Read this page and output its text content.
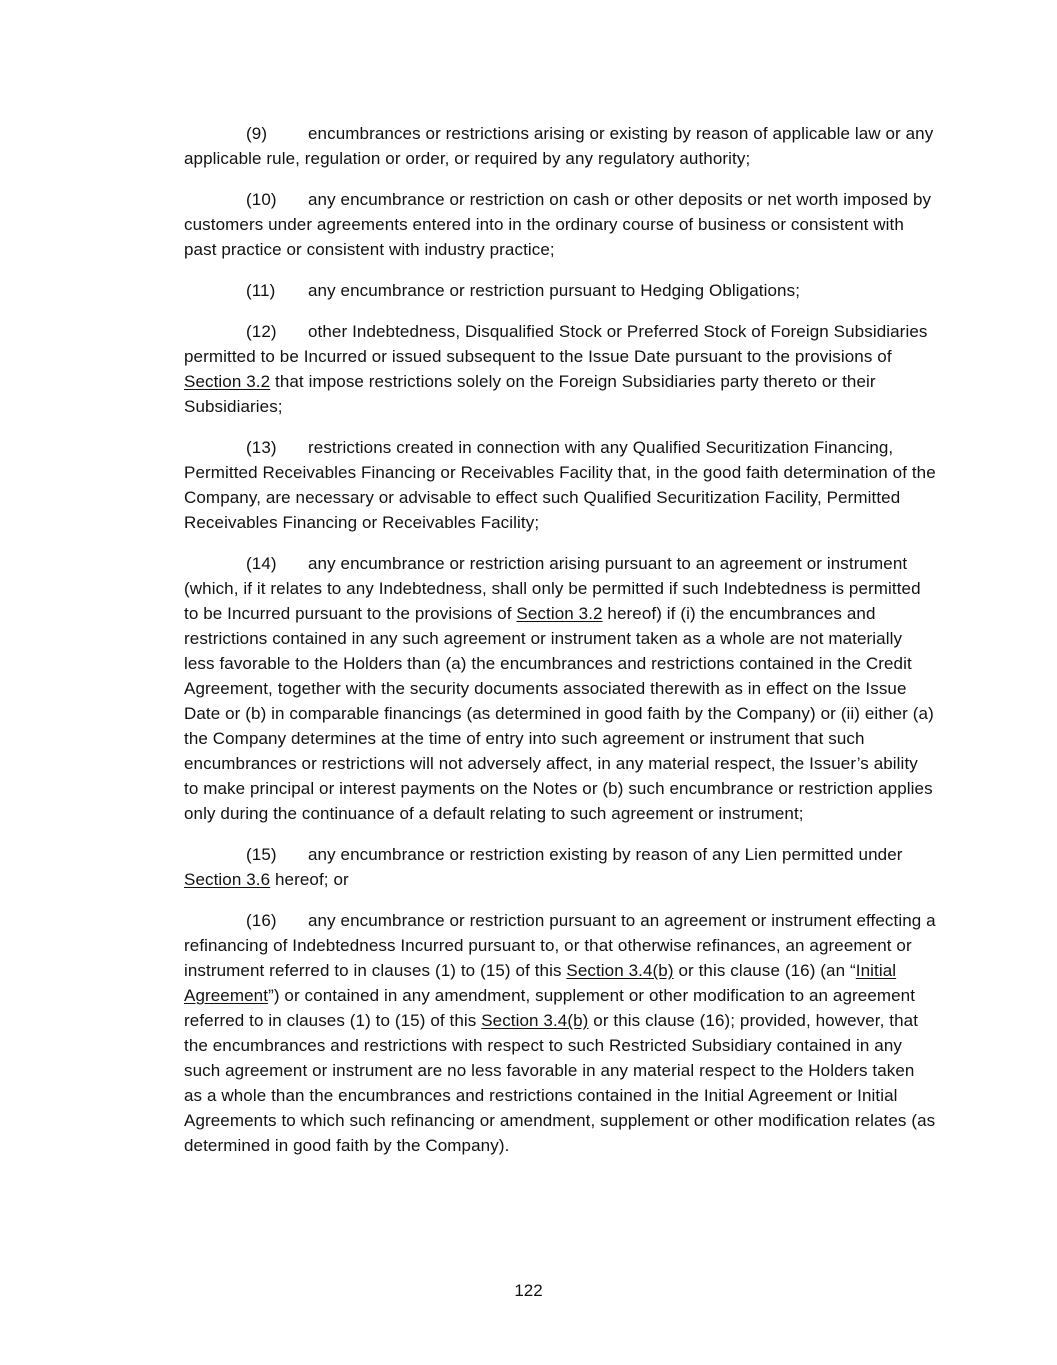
(9) encumbrances or restrictions arising or existing by reason of applicable law or any applicable rule, regulation or order, or required by any regulatory authority;

(10) any encumbrance or restriction on cash or other deposits or net worth imposed by customers under agreements entered into in the ordinary course of business or consistent with past practice or consistent with industry practice;

(11) any encumbrance or restriction pursuant to Hedging Obligations;

(12) other Indebtedness, Disqualified Stock or Preferred Stock of Foreign Subsidiaries permitted to be Incurred or issued subsequent to the Issue Date pursuant to the provisions of Section 3.2 that impose restrictions solely on the Foreign Subsidiaries party thereto or their Subsidiaries;

(13) restrictions created in connection with any Qualified Securitization Financing, Permitted Receivables Financing or Receivables Facility that, in the good faith determination of the Company, are necessary or advisable to effect such Qualified Securitization Facility, Permitted Receivables Financing or Receivables Facility;

(14) any encumbrance or restriction arising pursuant to an agreement or instrument (which, if it relates to any Indebtedness, shall only be permitted if such Indebtedness is permitted to be Incurred pursuant to the provisions of Section 3.2 hereof) if (i) the encumbrances and restrictions contained in any such agreement or instrument taken as a whole are not materially less favorable to the Holders than (a) the encumbrances and restrictions contained in the Credit Agreement, together with the security documents associated therewith as in effect on the Issue Date or (b) in comparable financings (as determined in good faith by the Company) or (ii) either (a) the Company determines at the time of entry into such agreement or instrument that such encumbrances or restrictions will not adversely affect, in any material respect, the Issuer’s ability to make principal or interest payments on the Notes or (b) such encumbrance or restriction applies only during the continuance of a default relating to such agreement or instrument;

(15) any encumbrance or restriction existing by reason of any Lien permitted under Section 3.6 hereof; or

(16) any encumbrance or restriction pursuant to an agreement or instrument effecting a refinancing of Indebtedness Incurred pursuant to, or that otherwise refinances, an agreement or instrument referred to in clauses (1) to (15) of this Section 3.4(b) or this clause (16) (an “Initial Agreement”) or contained in any amendment, supplement or other modification to an agreement referred to in clauses (1) to (15) of this Section 3.4(b) or this clause (16); provided, however, that the encumbrances and restrictions with respect to such Restricted Subsidiary contained in any such agreement or instrument are no less favorable in any material respect to the Holders taken as a whole than the encumbrances and restrictions contained in the Initial Agreement or Initial Agreements to which such refinancing or amendment, supplement or other modification relates (as determined in good faith by the Company).

122
